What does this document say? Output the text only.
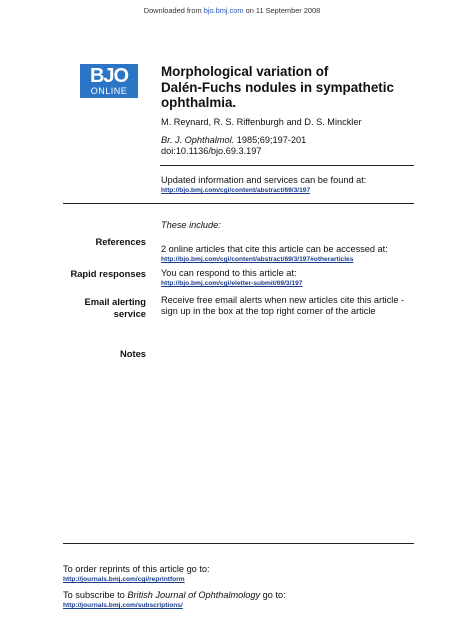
Downloaded from bjo.bmj.com on 11 September 2008
BJO
ONLINE
Morphological variation of
Dalén-Fuchs nodules in sympathetic
ophthalmia.
M. Reynard, R. S. Riffenburgh and D. S. Minckler
Br. J. Ophthalmol. 1985;69;197-201
doi:10.1136/bjo.69.3.197
Updated information and services can be found at:
http://bjo.bmj.com/cgi/content/abstract/69/3/197
These include:
References
2 online articles that cite this article can be accessed at:
http://bjo.bmj.com/cgi/content/abstract/69/3/197#otherarticles
Rapid responses You can respond to this article at:
http://bjo.bmj.com/cgi/eletter-submit/69/3/197
Email alerting
service
Receive free email alerts when new articles cite this article -
sign up in the box at the top right corner of the article
Notes
To order reprints of this article go to:
http://journals.bmj.com/cgi/reprintform
To subscribe to British Journal of Ophthalmology go to:
http://journals.bmj.com/subscriptions/
